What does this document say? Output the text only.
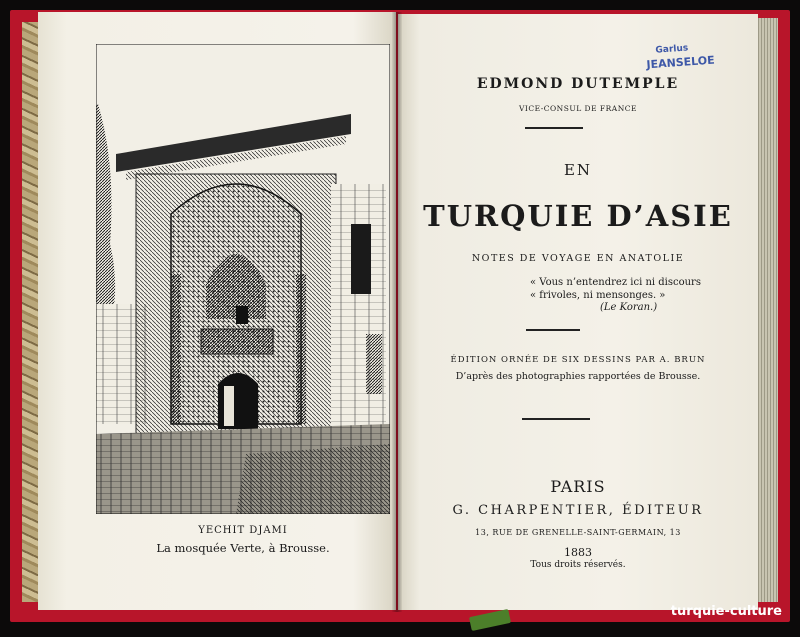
YECHIT DJAMI
La mosquée Verte, à Brousse.
EDMOND DUTEMPLE
VICE-CONSUL DE FRANCE
EN
TURQUIE D’ASIE
NOTES DE VOYAGE EN ANATOLIE
« Vous n’entendrez ici ni discours
« frivoles, ni mensonges. »
(Le Koran.)
ÉDITION ORNÉE DE SIX DESSINS PAR A. BRUN
D’après des photographies rapportées de Brousse.
PARIS
G. CHARPENTIER, ÉDITEUR
13, RUE DE GRENELLE-SAINT-GERMAIN, 13
1883
Tous droits réservés.
Garlus
JEANSELOE
turquie-culture
